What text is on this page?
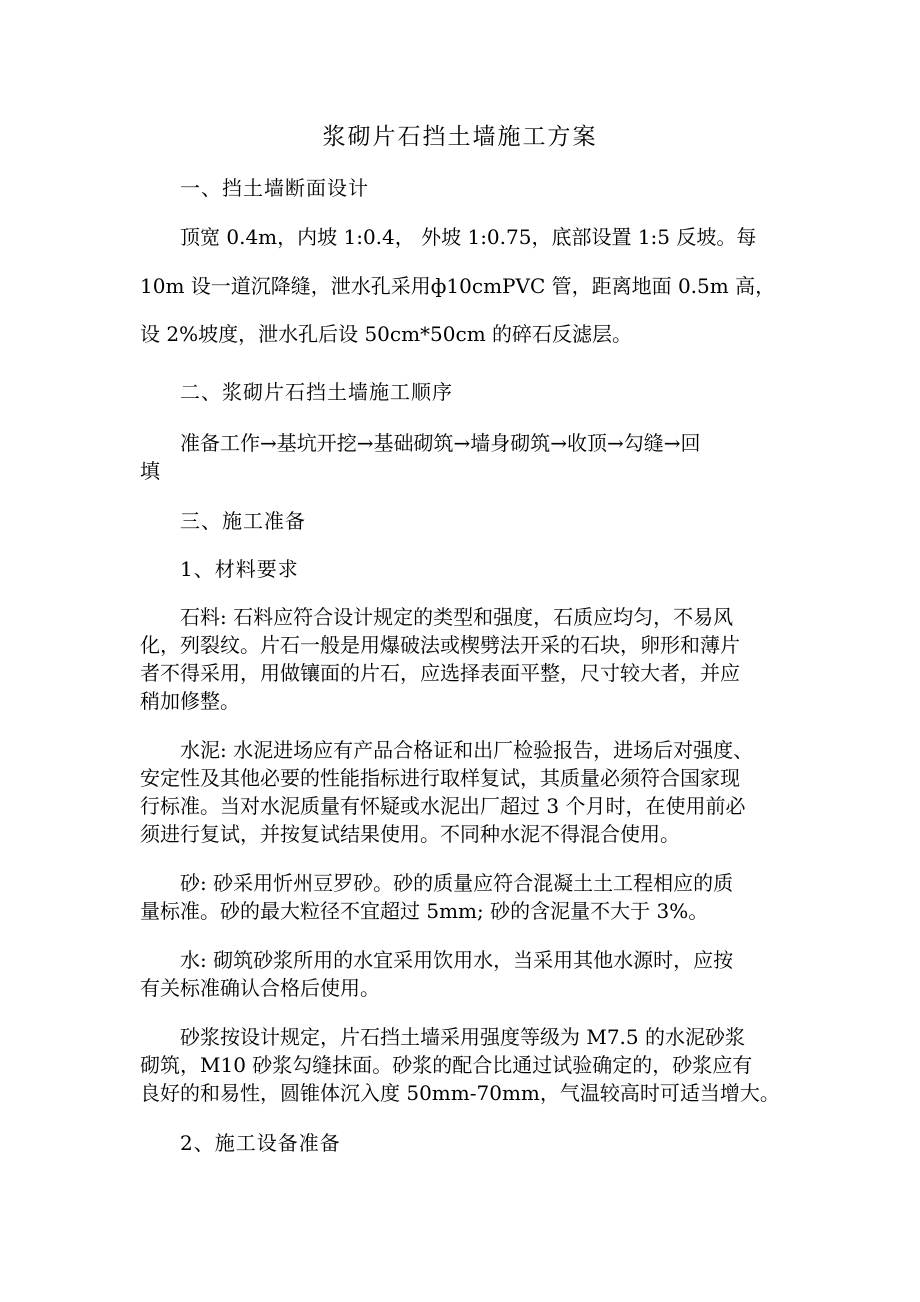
浆砌片石挡土墙施工方案
一、挡土墙断面设计
顶宽 0.4m，内坡 1:0.4， 外坡 1:0.75，底部设置 1:5 反坡。每
10m 设一道沉降缝，泄水孔采用ф10cmPVC 管，距离地面 0.5m 高，
设 2%坡度，泄水孔后设 50cm*50cm 的碎石反滤层。
二、浆砌片石挡土墙施工顺序
准备工作→基坑开挖→基础砌筑→墙身砌筑→收顶→勾缝→回
填
三、施工准备
1、材料要求
石料: 石料应符合设计规定的类型和强度，石质应均匀，不易风
化，列裂纹。片石一般是用爆破法或楔劈法开采的石块，卵形和薄片
者不得采用，用做镶面的片石，应选择表面平整，尺寸较大者，并应
稍加修整。
水泥: 水泥进场应有产品合格证和出厂检验报告，进场后对强度、
安定性及其他必要的性能指标进行取样复试，其质量必须符合国家现
行标准。当对水泥质量有怀疑或水泥出厂超过 3 个月时，在使用前必
须进行复试，并按复试结果使用。不同种水泥不得混合使用。
砂: 砂采用忻州豆罗砂。砂的质量应符合混凝土土工程相应的质
量标准。砂的最大粒径不宜超过 5mm; 砂的含泥量不大于 3%。
水: 砌筑砂浆所用的水宜采用饮用水，当采用其他水源时，应按
有关标准确认合格后使用。
砂浆按设计规定，片石挡土墙采用强度等级为 M7.5 的水泥砂浆
砌筑，M10 砂浆勾缝抹面。砂浆的配合比通过试验确定的，砂浆应有
良好的和易性，圆锥体沉入度 50mm-70mm，气温较高时可适当增大。
2、施工设备准备
